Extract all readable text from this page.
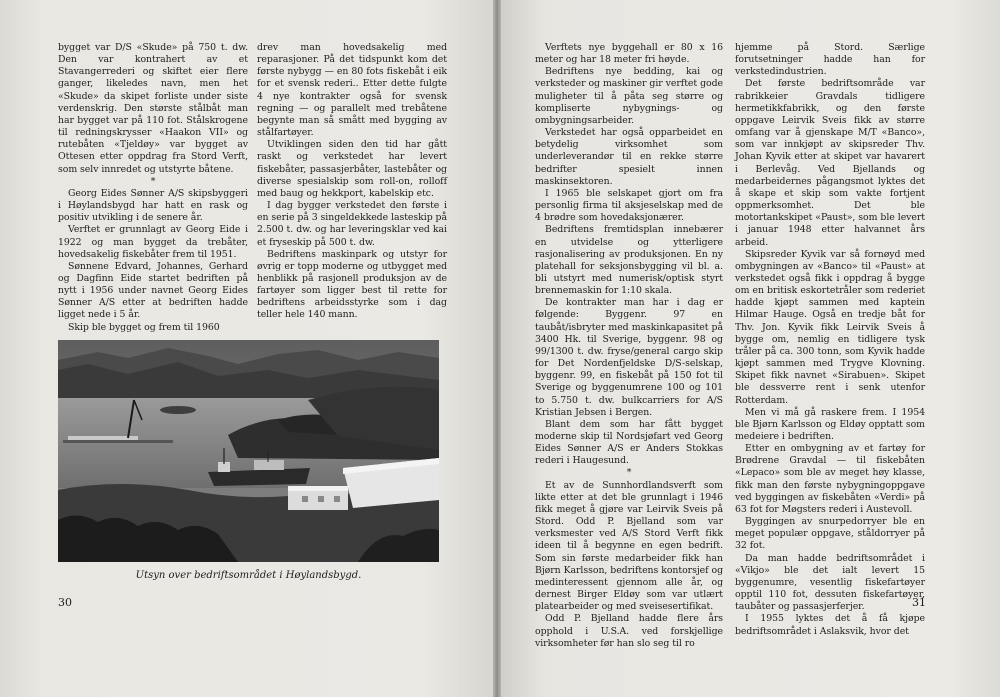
bygget var D/S «Skude» på 750 t. dw. Den var kontrahert av et Stavangerrederi og skiftet eier flere ganger, likeledes navn, men het «Skude» da skipet forliste under siste verdenskrig. Den største stålbåt man har bygget var på 110 fot. Stålskrogene til redningskrysser «Haakon VII» og rutebåten «Tjeldøy» var bygget av Ottesen etter oppdrag fra Stord Verft, som selv innredet og utstyrte båtene.

*

Georg Eides Sønner A/S skipsbyggeri i Høylandsbygd har hatt en rask og positiv utvikling i de senere år.

Verftet er grunnlagt av Georg Eide i 1922 og man bygget da trebåter, hovedsakelig fiskebåter frem til 1951.

Sønnene Edvard, Johannes, Gerhard og Dagfinn Eide startet bedriften på nytt i 1956 under navnet Georg Eides Sønner A/S etter at bedriften hadde ligget nede i 5 år.

Skip ble bygget og frem til 1960

drev man hovedsakelig med reparasjoner. På det tidspunkt kom det første nybygg — en 80 fots fiskebåt i eik for et svensk rederi.. Etter dette fulgte 4 nye kontrakter også for svensk regning — og parallelt med trebåtene begynte man så smått med bygging av stålfartøyer.

Utviklingen siden den tid har gått raskt og verkstedet har levert fiskebåter, passasjerbåter, lastebåter og diverse spesialskip som roll-on, rolloff med baug og hekkport, kabelskip etc.

I dag bygger verkstedet den første i en serie på 3 singeldekkede lasteskip på 2.500 t. dw. og har leveringsklar ved kai et fryseskip på 500 t. dw.

Bedriftens maskinpark og utstyr for øvrig er topp moderne og utbygget med henblikk på rasjonell produksjon av de fartøyer som ligger best til rette for bedriftens arbeidsstyrke som i dag teller hele 140 mann.

Utsyn over bedriftsområdet i Høylandsbygd.
30

Verftets nye byggehall er 80 x 16 meter og har 18 meter fri høyde.

Bedriftens nye bedding, kai og verksteder og maskiner gir verftet gode muligheter til å påta seg større og kompliserte nybygnings- og ombygningsarbeider.

Verkstedet har også opparbeidet en betydelig virksomhet som underleverandør til en rekke større bedrifter spesielt innen maskinsektoren.

I 1965 ble selskapet gjort om fra personlig firma til aksjeselskap med de 4 brødre som hovedaksjonærer.

Bedriftens fremtidsplan innebærer en utvidelse og ytterligere rasjonalisering av produksjonen. En ny platehall for seksjonsbygging vil bl. a. bli utstyrt med numerisk/optisk styrt brennemaskin for 1:10 skala.

De kontrakter man har i dag er følgende: Byggenr. 97 en taubåt/isbryter med maskinkapasitet på 3400 Hk. til Sverige, byggenr. 98 og 99/1300 t. dw. fryse/general cargo skip for Det Nordenfjeldske D/S-selskap, byggenr. 99, en fiskebåt på 150 fot til Sverige og byggenumrene 100 og 101 to 5.750 t. dw. bulkcarriers for A/S Kristian Jebsen i Bergen.

Blant dem som har fått bygget moderne skip til Nordsjøfart ved Georg Eides Sønner A/S er Anders Stokkas rederi i Haugesund.

*

Et av de Sunnhordlandsverft som likte etter at det ble grunnlagt i 1946 fikk meget å gjøre var Leirvik Sveis på Stord. Odd P. Bjelland som var verksmester ved A/S Stord Verft fikk ideen til å begynne en egen bedrift. Som sin første medarbeider fikk han Bjørn Karlsson, bedriftens kontorsjef og medinteressent gjennom alle år, og dernest Birger Eldøy som var utlært platearbeider og med sveisesertifikat.

Odd P. Bjelland hadde flere års opphold i U.S.A. ved forskjellige virksomheter før han slo seg til ro

hjemme på Stord. Særlige forutsetninger hadde han for verkstedindustrien.

Det første bedriftsområde var rabrikkeier Gravdals tidligere hermetikkfabrikk, og den første oppgave Leirvik Sveis fikk av større omfang var å gjenskape M/T «Banco», som var innkjøpt av skipsreder Thv. Johan Kyvik etter at skipet var havarert i Berlevåg. Ved Bjellands og medarbeidernes pågangsmot lyktes det å skape et skip som vakte fortjent oppmerksomhet. Det ble motortankskipet «Paust», som ble levert i januar 1948 etter halvannet års arbeid.

Skipsreder Kyvik var så fornøyd med ombygningen av «Banco» til «Paust» at verkstedet også fikk i oppdrag å bygge om en britisk eskortetråler som rederiet hadde kjøpt sammen med kaptein Hilmar Hauge. Også en tredje båt for Thv. Jon. Kyvik fikk Leirvik Sveis å bygge om, nemlig en tidligere tysk tråler på ca. 300 tonn, som Kyvik hadde kjøpt sammen med Trygve Klovning. Skipet fikk navnet «Sirabuen». Skipet ble dessverre rent i senk utenfor Rotterdam.

Men vi må gå raskere frem. I 1954 ble Bjørn Karlsson og Eldøy opptatt som medeiere i bedriften.

Etter en ombygning av et fartøy for Brødrene Gravdal — til fiskebåten «Lepaco» som ble av meget høy klasse, fikk man den første nybygningoppgave ved byggingen av fiskebåten «Verdi» på 63 fot for Møgsters rederi i Austevoll.

Byggingen av snurpedorryer ble en meget populær oppgave, ståldorryer på 32 fot.

Da man hadde bedriftsområdet i «Vikjo» ble det ialt levert 15 byggenumre, vesentlig fiskefartøyer opptil 110 fot, dessuten fiskefartøyer, taubåter og passasjerferjer.

I 1955 lyktes det å få kjøpe bedriftsområdet i Aslaksvik, hvor det

31
